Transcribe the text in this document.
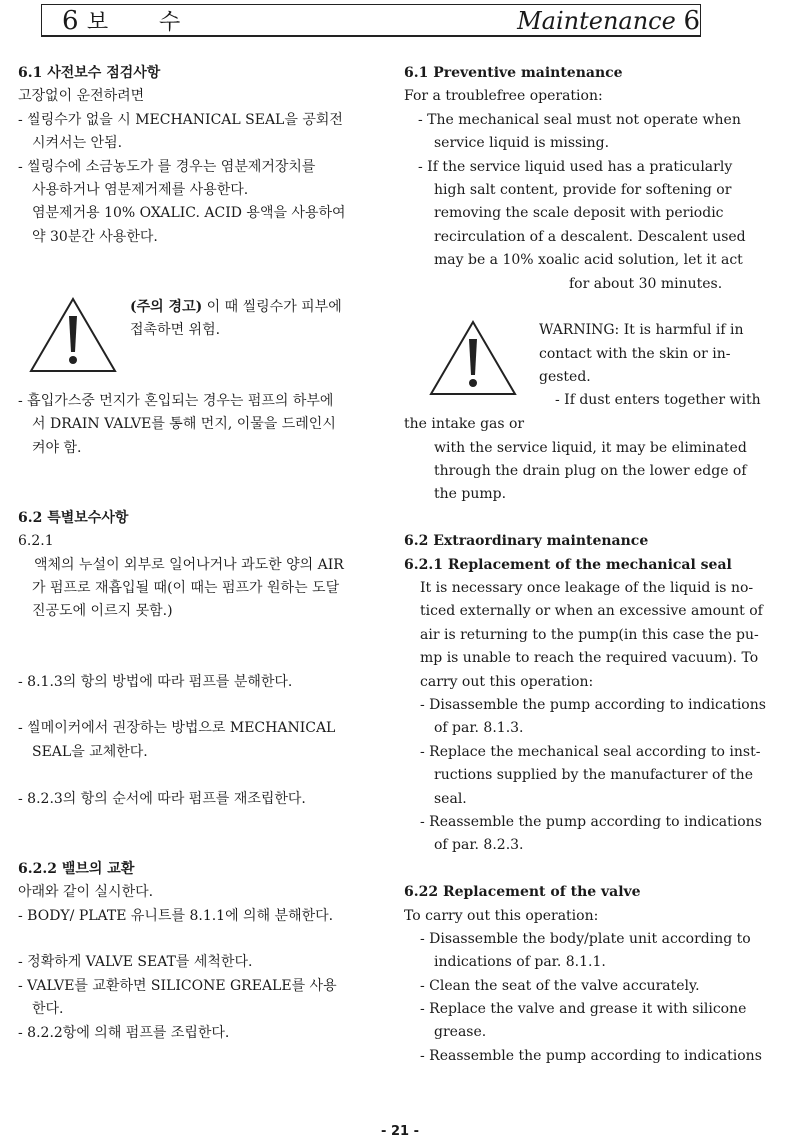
6 보 수	Maintenance 6
6.1 사전보수 점검사항
고장없이 운전하려면
- 씰링수가 없을 시 MECHANICAL SEAL을 공회전
시켜서는 안됨.
- 씰링수에 소금농도가 를 경우는 염분제거장치를
사용하거나 염분제거제를 사용한다.
염분제거용 10% OXALIC. ACID 용액을 사용하여
약 30분간 사용한다.
(주의 경고) 이 때 씰링수가 피부에
접촉하면 위험.
- 흡입가스중 먼지가 혼입되는 경우는 펌프의 하부에
서 DRAIN VALVE를 통해 먼지, 이물을 드레인시
켜야 함.
6.2 특별보수사항
6.2.1
액체의 누설이 외부로 일어나거나 과도한 양의 AIR
가 펌프로 재흡입될 때(이 때는 펌프가 원하는 도달
진공도에 이르지 못함.)
- 8.1.3의 항의 방법에 따라 펌프를 분해한다.
- 씰메이커에서 권장하는 방법으로 MECHANICAL
SEAL을 교체한다.
- 8.2.3의 항의 순서에 따라 펌프를 재조립한다.
6.2.2 밸브의 교환
아래와 같이 실시한다.
- BODY/ PLATE 유니트를 8.1.1에 의해 분해한다.
- 정확하게 VALVE SEAT를 세척한다.
- VALVE를 교환하면 SILICONE GREALE를 사용
한다.
- 8.2.2항에 의해 펌프를 조립한다.
6.1 Preventive maintenance
For a troublefree operation:
- The mechanical seal must not operate when
service liquid is missing.
- If the service liquid used has a praticularly
high salt content, provide for softening or
removing the scale deposit with periodic
recirculation of a descalent. Descalent used
may be a 10% xoalic acid solution, let it act
for about 30 minutes.
WARNING: It is harmful if in
contact with the skin or in-
gested.
- If dust enters together with
the intake gas or
with the service liquid, it may be eliminated
through the drain plug on the lower edge of
the pump.
6.2 Extraordinary maintenance
6.2.1 Replacement of the mechanical seal
It is necessary once leakage of the liquid is no-
ticed externally or when an excessive amount of
air is returning to the pump(in this case the pu-
mp is unable to reach the required vacuum). To
carry out this operation:
- Disassemble the pump according to indications
of par. 8.1.3.
- Replace the mechanical seal according to inst-
ructions supplied by the manufacturer of the
seal.
- Reassemble the pump according to indications
of par. 8.2.3.
6.22 Replacement of the valve
To carry out this operation:
- Disassemble the body/plate unit according to
indications of par. 8.1.1.
- Clean the seat of the valve accurately.
- Replace the valve and grease it with silicone
grease.
- Reassemble the pump according to indications
- 21 -
